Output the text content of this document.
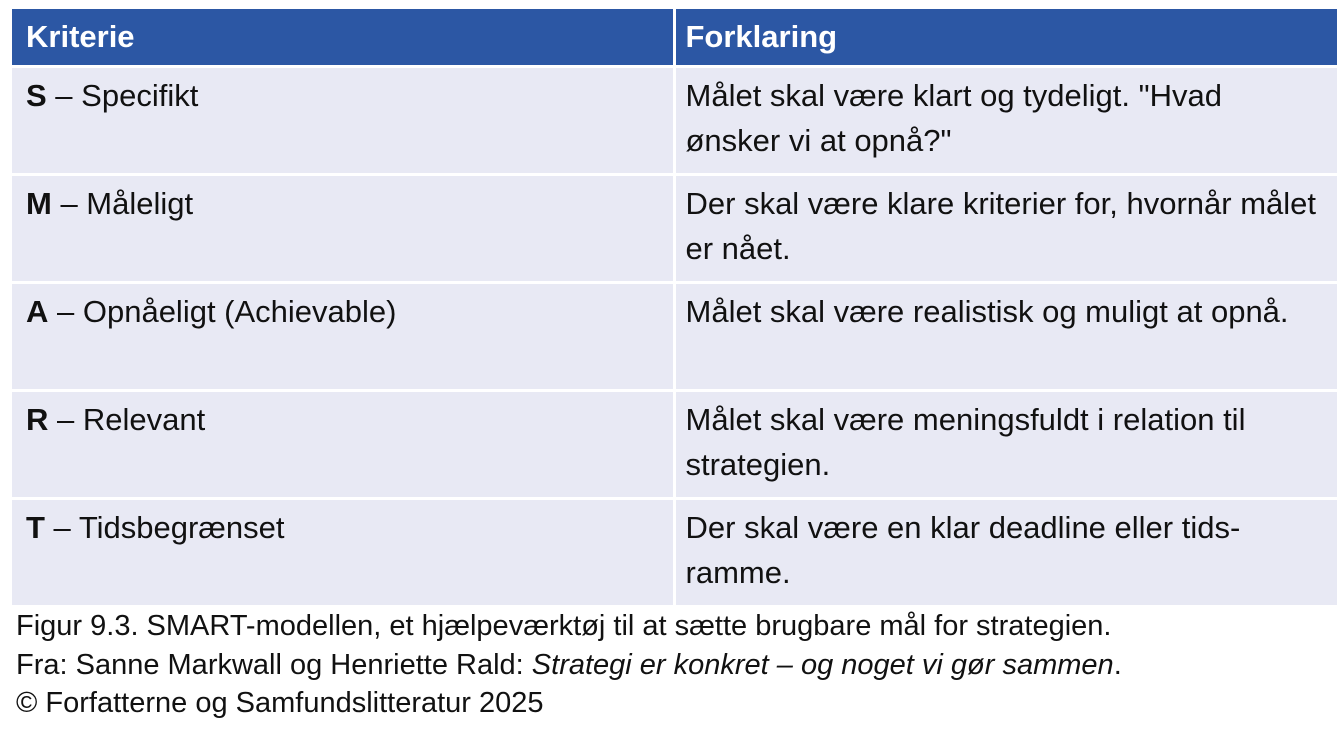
Kriterie	Forklaring
S – Specifikt	Målet skal være klart og tydeligt. "Hvad ønsker vi at opnå?"
M – Måleligt	Der skal være klare kriterier for, hvornår målet er nået.
A – Opnåeligt (Achievable)	Målet skal være realistisk og muligt at opnå.
R – Relevant	Målet skal være meningsfuldt i relation til strategien.
T – Tidsbegrænset	Der skal være en klar deadline eller tids-ramme.
Figur 9.3. SMART-modellen, et hjælpeværktøj til at sætte brugbare mål for strategien.
Fra: Sanne Markwall og Henriette Rald: Strategi er konkret – og noget vi gør sammen.
© Forfatterne og Samfundslitteratur 2025
